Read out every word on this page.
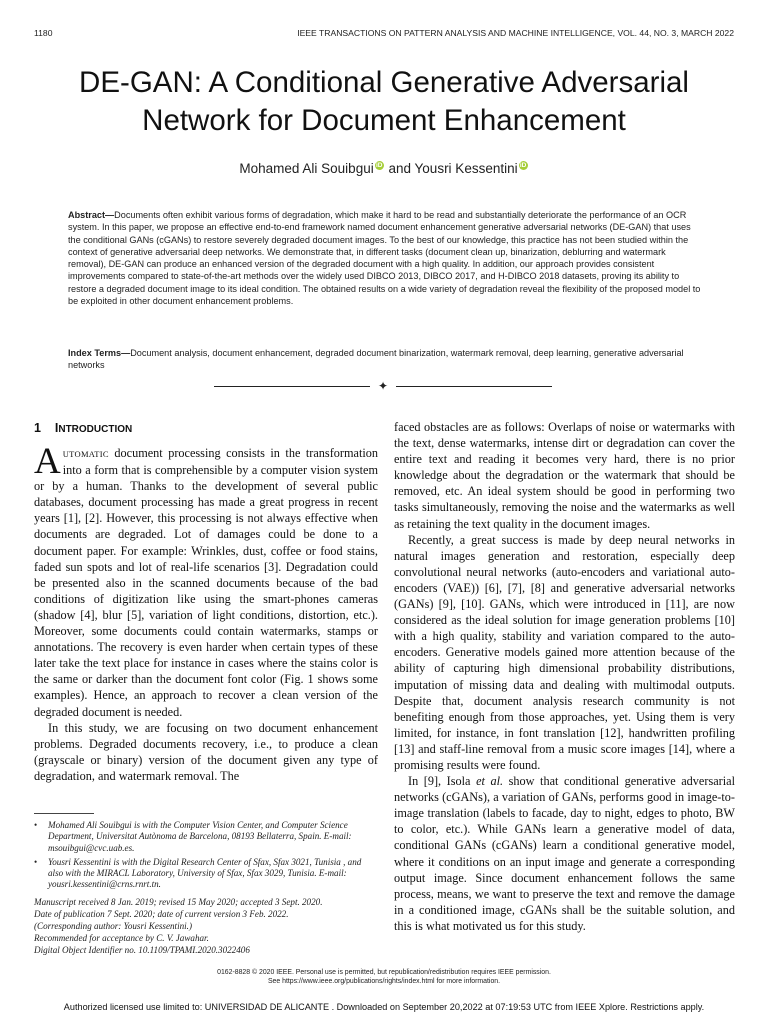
1180	IEEE TRANSACTIONS ON PATTERN ANALYSIS AND MACHINE INTELLIGENCE, VOL. 44, NO. 3, MARCH 2022
DE-GAN: A Conditional Generative Adversarial
Network for Document Enhancement
Mohamed Ali Souibgui iD and Yousri Kessentini iD
Abstract—Documents often exhibit various forms of degradation, which make it hard to be read and substantially deteriorate the performance of an OCR system. In this paper, we propose an effective end-to-end framework named document enhancement generative adversarial networks (DE-GAN) that uses the conditional GANs (cGANs) to restore severely degraded document images. To the best of our knowledge, this practice has not been studied within the context of generative adversarial deep networks. We demonstrate that, in different tasks (document clean up, binarization, deblurring and watermark removal), DE-GAN can produce an enhanced version of the degraded document with a high quality. In addition, our approach provides consistent improvements compared to state-of-the-art methods over the widely used DIBCO 2013, DIBCO 2017, and H-DIBCO 2018 datasets, proving its ability to restore a degraded document image to its ideal condition. The obtained results on a wide variety of degradation reveal the flexibility of the proposed model to be exploited in other document enhancement problems.
Index Terms—Document analysis, document enhancement, degraded document binarization, watermark removal, deep learning, generative adversarial networks
✦
1 INTRODUCTION

AUTOMATIC document processing consists in the transformation into a form that is comprehensible by a computer vision system or by a human. Thanks to the development of several public databases, document processing has made a great progress in recent years [1], [2]. However, this processing is not always effective when documents are degraded. Lot of damages could be done to a document paper. For example: Wrinkles, dust, coffee or food stains, faded sun spots and lot of real-life scenarios [3]. Degradation could be presented also in the scanned documents because of the bad conditions of digitization like using the smart-phones cameras (shadow [4], blur [5], variation of light conditions, distortion, etc.). Moreover, some documents could contain watermarks, stamps or annotations. The recovery is even harder when certain types of these later take the text place for instance in cases where the stains color is the same or darker than the document font color (Fig. 1 shows some examples). Hence, an approach to recover a clean version of the degraded document is needed.

In this study, we are focusing on two document enhancement problems. Degraded documents recovery, i.e., to produce a clean (grayscale or binary) version of the document given any type of degradation, and watermark removal. The

faced obstacles are as follows: Overlaps of noise or watermarks with the text, dense watermarks, intense dirt or degradation can cover the entire text and reading it becomes very hard, there is no prior knowledge about the degradation or the watermark that should be removed, etc. An ideal system should be good in performing two tasks simultaneously, removing the noise and the watermarks as well as retaining the text quality in the document images.

Recently, a great success is made by deep neural networks in natural images generation and restoration, especially deep convolutional neural networks (auto-encoders and variational auto-encoders (VAE)) [6], [7], [8] and generative adversarial networks (GANs) [9], [10]. GANs, which were introduced in [11], are now considered as the ideal solution for image generation problems [10] with a high quality, stability and variation compared to the auto-encoders. Generative models gained more attention because of the ability of capturing high dimensional probability distributions, imputation of missing data and dealing with multimodal outputs. Despite that, document analysis research community is not benefiting enough from those approaches, yet. Using them is very limited, for instance, in font translation [12], handwritten profiling [13] and staff-line removal from a music score images [14], where a promising results were found.

In [9], Isola et al. show that conditional generative adversarial networks (cGANs), a variation of GANs, performs good in image-to-image translation (labels to facade, day to night, edges to photo, BW to color, etc.). While GANs learn a generative model of data, conditional GANs (cGANs) learn a conditional generative model, where it conditions on an input image and generate a corresponding output image. Since document enhancement follows the same process, means, we want to preserve the text and remove the damage in a conditioned image, cGANs shall be the suitable solution, and this is what motivated us for this study.

• Mohamed Ali Souibgui is with the Computer Vision Center, and Computer Science Department, Universitat Autònoma de Barcelona, 08193 Bellaterra, Spain. E-mail: msouibgui@cvc.uab.es.
• Yousri Kessentini is with the Digital Research Center of Sfax, Sfax 3021, Tunisia , and also with the MIRACL Laboratory, University of Sfax, Sfax 3029, Tunisia. E-mail: yousri.kessentini@crns.rnrt.tn.
Manuscript received 8 Jan. 2019; revised 15 May 2020; accepted 3 Sept. 2020.
Date of publication 7 Sept. 2020; date of current version 3 Feb. 2022.
(Corresponding author: Yousri Kessentini.)
Recommended for acceptance by C. V. Jawahar.
Digital Object Identifier no. 10.1109/TPAMI.2020.3022406
0162-8828 © 2020 IEEE. Personal use is permitted, but republication/redistribution requires IEEE permission.
See https://www.ieee.org/publications/rights/index.html for more information.
Authorized licensed use limited to: UNIVERSIDAD DE ALICANTE . Downloaded on September 20,2022 at 07:19:53 UTC from IEEE Xplore. Restrictions apply.
